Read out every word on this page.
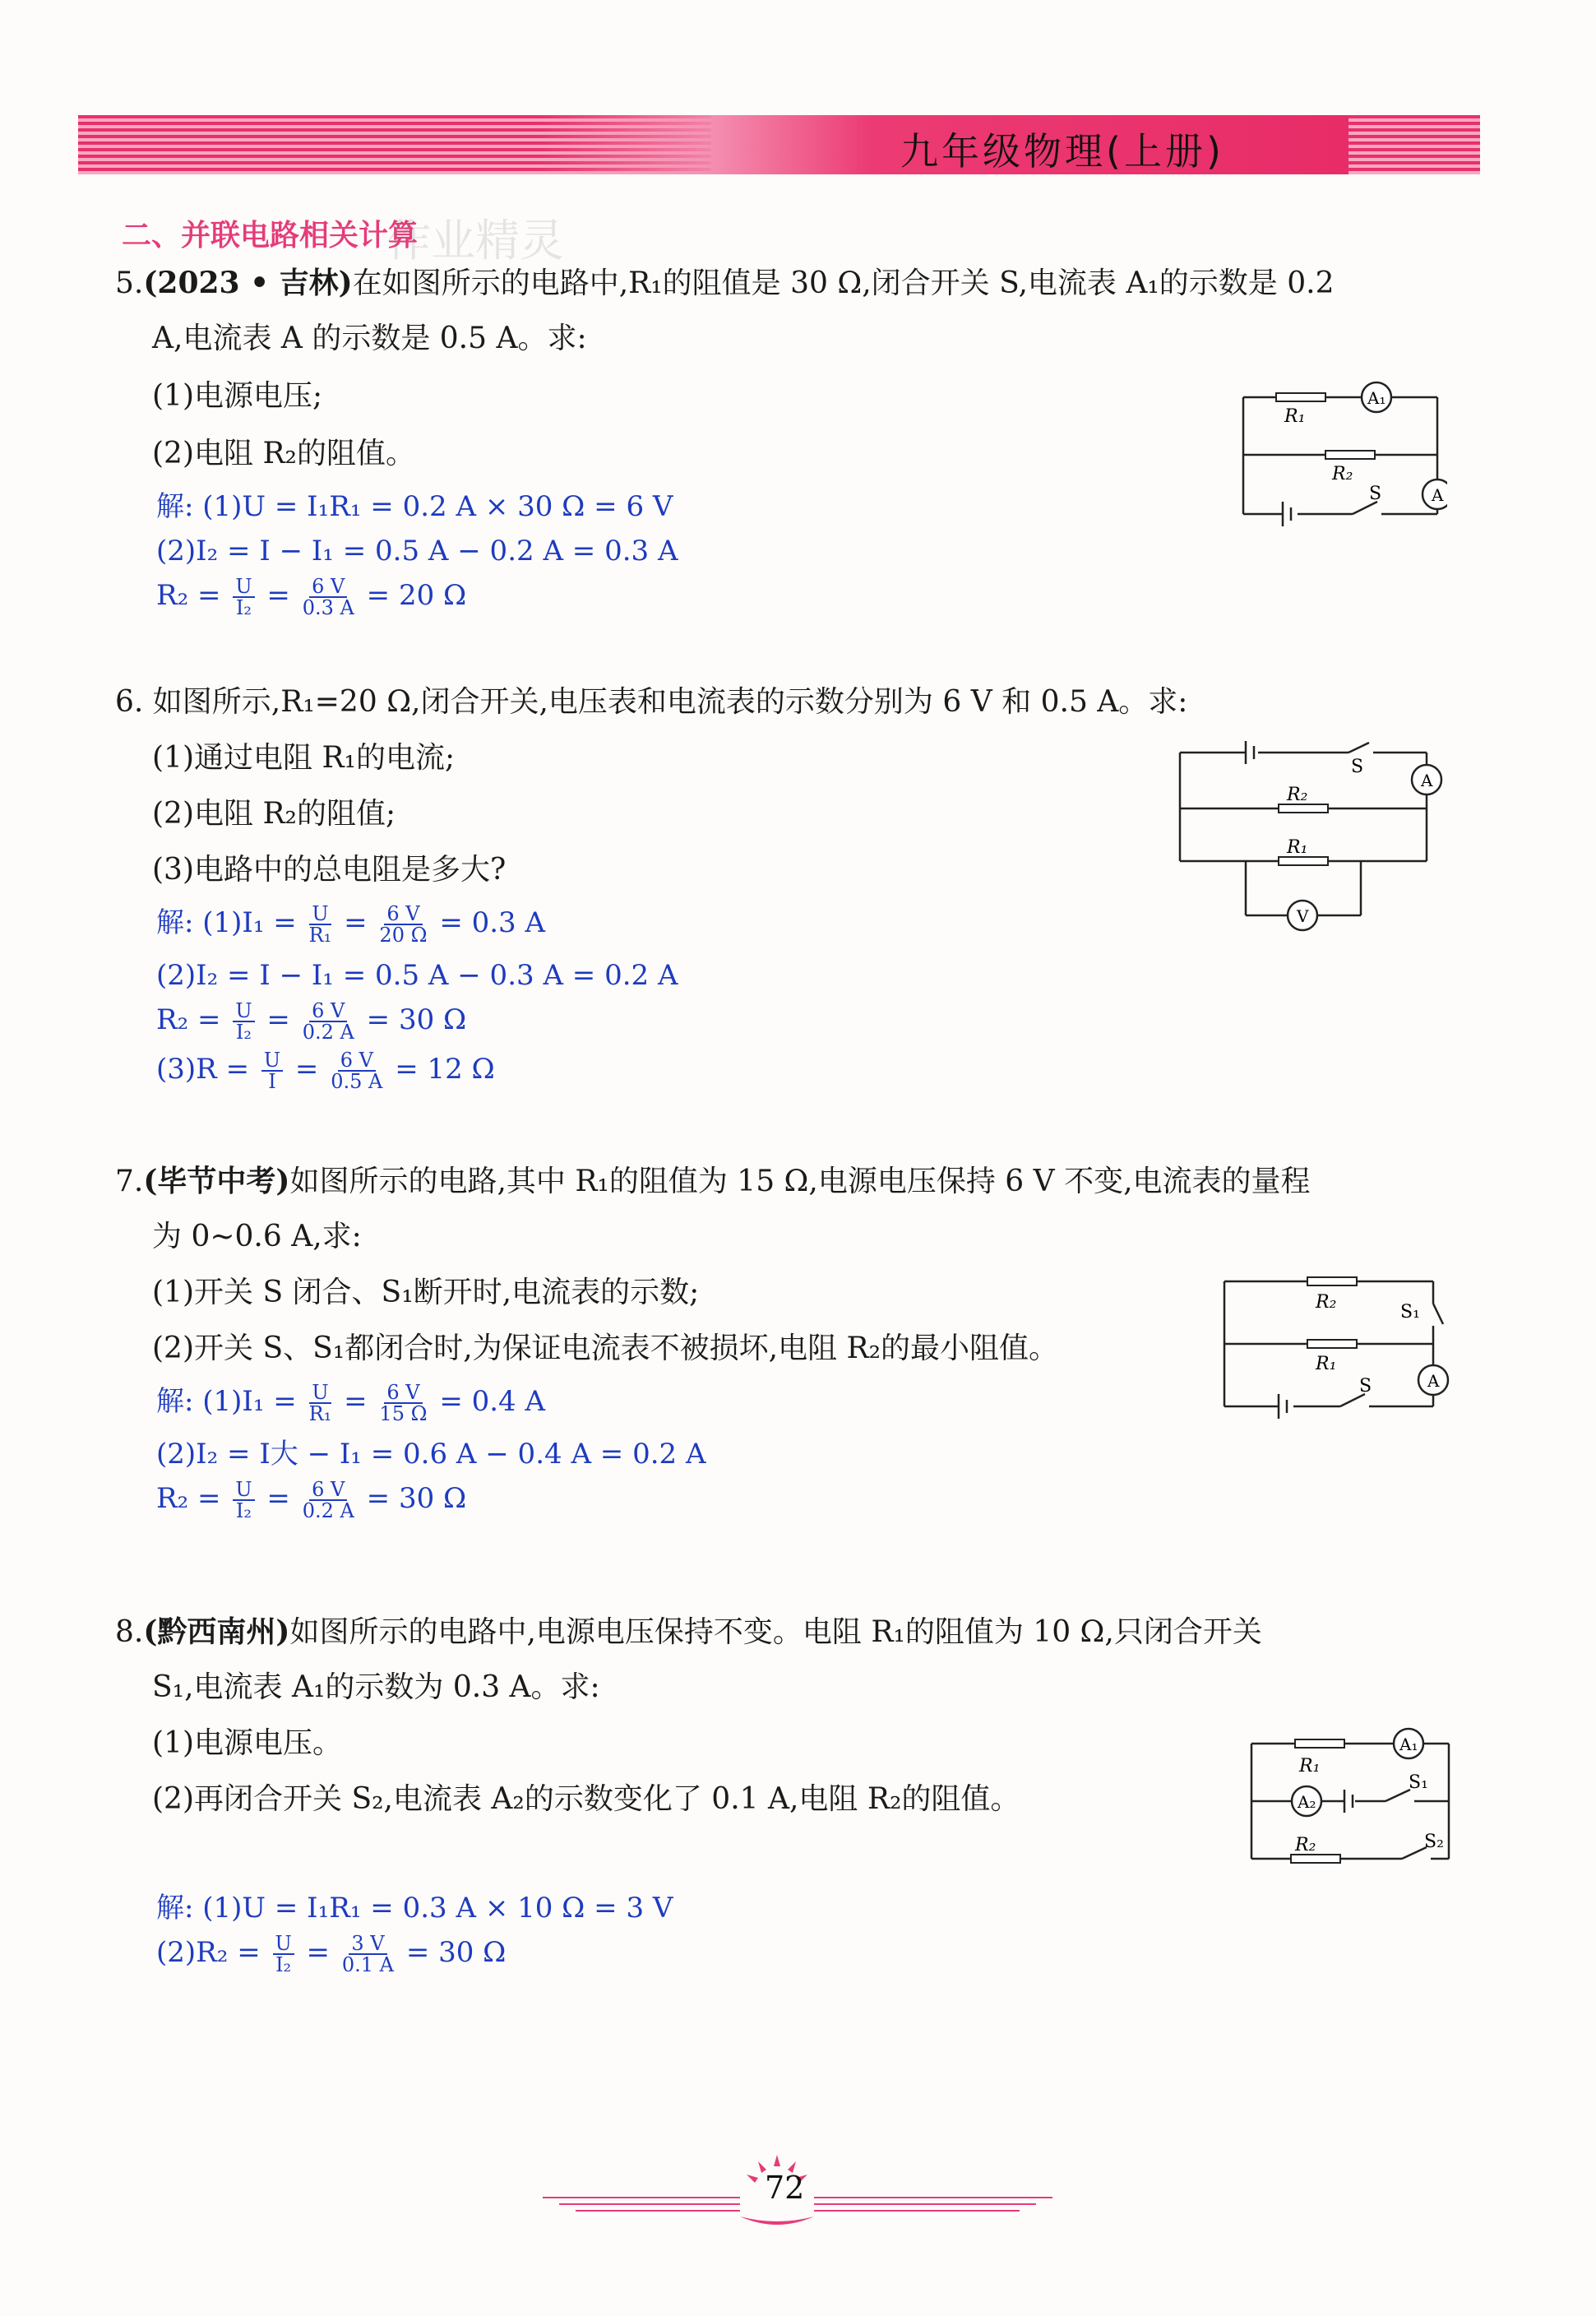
九年级物理(上册)
二、并联电路相关计算
作业精灵
5.(2023 • 吉林)在如图所示的电路中,R₁的阻值是 30 Ω,闭合开关 S,电流表 A₁的示数是 0.2
A,电流表 A 的示数是 0.5 A。求:
(1)电源电压;
(2)电阻 R₂的阻值。
解: (1)U = I₁R₁ = 0.2 A × 30 Ω = 6 V
(2)I₂ = I − I₁ = 0.5 A − 0.2 A = 0.3 A
$R_2 = \frac{U}{\text{I₂}} = \frac{6 V}{0.3 A} = 20$ Ω
A₁
A
R₁
R₂
S
6. 如图所示,R₁=20 Ω,闭合开关,电压表和电流表的示数分别为 6 V 和 0.5 A。求:
(1)通过电阻 R₁的电流;
(2)电阻 R₂的阻值;
(3)电路中的总电阻是多大?
解: $(1)I_1 = \frac{U}{\text{R₁}} = \frac{6 V}{20 \Omega} = 0.3$ A
(2)I₂ = I − I₁ = 0.5 A − 0.3 A = 0.2 A
$R_2 = \frac{U}{\text{I₂}} = \frac{6 V}{0.2 A} = 30$ Ω
$(3)R = \frac{U}{I} = \frac{6 V}{0.5 A} = 12$ Ω
A
V
R₂
R₁
S
7.(毕节中考)如图所示的电路,其中 R₁的阻值为 15 Ω,电源电压保持 6 V 不变,电流表的量程
为 0~0.6 A,求:
(1)开关 S 闭合、S₁断开时,电流表的示数;
(2)开关 S、S₁都闭合时,为保证电流表不被损坏,电阻 R₂的最小阻值。
解: $(1)I_1 = \frac{U}{\text{R₁}} = \frac{6 V}{15 \Omega} = 0.4$ A
(2)I₂ = I大 − I₁ = 0.6 A − 0.4 A = 0.2 A
$R_2 = \frac{U}{\text{I₂}} = \frac{6 V}{0.2 A} = 30$ Ω
A
R₂
R₁
S₁
S
8.(黔西南州)如图所示的电路中,电源电压保持不变。电阻 R₁的阻值为 10 Ω,只闭合开关
S₁,电流表 A₁的示数为 0.3 A。求:
(1)电源电压。
(2)再闭合开关 S₂,电流表 A₂的示数变化了 0.1 A,电阻 R₂的阻值。
解: (1)U = I₁R₁ = 0.3 A × 10 Ω = 3 V
$(2)R_2 = \frac{U}{\text{I₂}} = \frac{3 V}{0.1 A} = 30$ Ω
A₁
A₂
R₁
R₂
S₁
S₂
72
